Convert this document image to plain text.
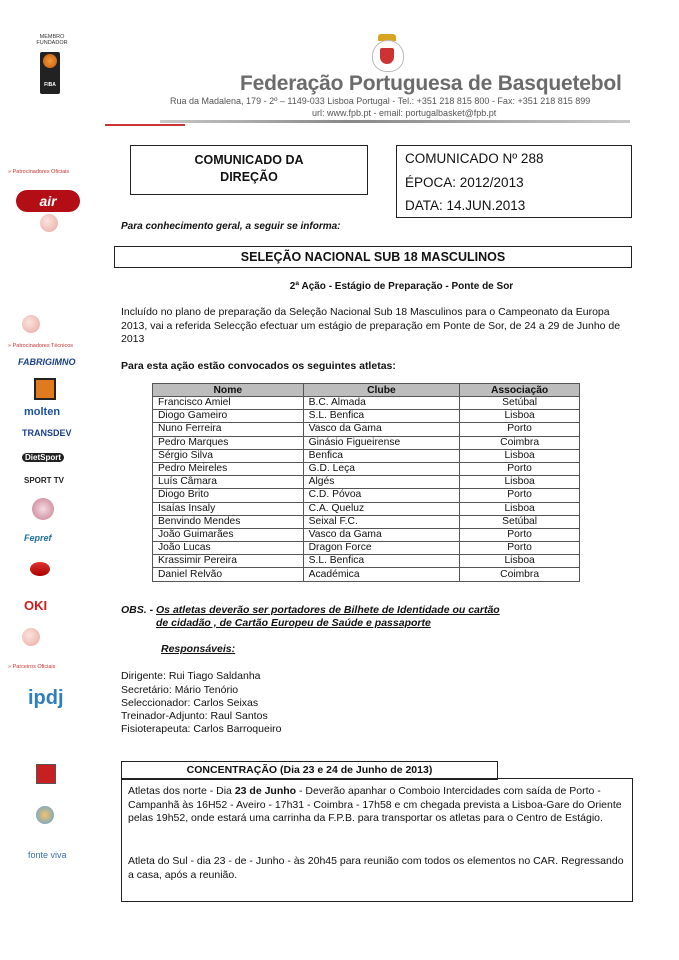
MEMBRO FUNDADOR
FIBA	Federação Portuguesa de Basquetebol
Rua da Madalena, 179 - 2º – 1149-033 Lisboa Portugal - Tel.: +351 218 815 800 - Fax: +351 218 815 899
url: www.fpb.pt - email: portugalbasket@fpb.pt
» Patrocinadores Oficiais
air
» Patrocinadores Técnicos
FABRIGIMNO
molten
TRANSDEV
DietSport
SPORT TV
Fepref
OKI
» Parceiros Oficiais
ipdj
fonte viva
COMUNICADO DA
DIREÇÃO
COMUNICADO Nº 288
ÉPOCA: 2012/2013
DATA: 14.JUN.2013
Para conhecimento geral, a seguir se informa:
SELEÇÃO NACIONAL SUB 18 MASCULINOS
2ª Ação - Estágio de Preparação - Ponte de Sor
Incluído no plano de preparação da Seleção Nacional Sub 18 Masculinos para o Campeonato da Europa 2013, vai a referida Selecção efectuar um estágio de preparação em Ponte de Sor, de 24 a 29 de Junho de 2013
Para esta ação estão convocados os seguintes atletas:
Nome	Clube	Associação
Francisco Amiel	B.C. Almada	Setúbal
Diogo Gameiro	S.L. Benfica	Lisboa
Nuno Ferreira	Vasco da Gama	Porto
Pedro Marques	Ginásio Figueirense	Coimbra
Sérgio Silva	Benfica	Lisboa
Pedro Meireles	G.D. Leça	Porto
Luís Câmara	Algés	Lisboa
Diogo Brito	C.D. Póvoa	Porto
Isaías Insaly	C.A. Queluz	Lisboa
Benvindo Mendes	Seixal F.C.	Setúbal
João Guimarães	Vasco da Gama	Porto
João Lucas	Dragon Force	Porto
Krassimir Pereira	S.L. Benfica	Lisboa
Daniel Relvão	Académica	Coimbra
OBS. - Os atletas deverão ser portadores de Bilhete de Identidade ou cartão
de cidadão , de Cartão Europeu de Saúde e passaporte
Responsáveis:
Dirigente: Rui Tiago Saldanha
Secretário: Mário Tenório
Seleccionador: Carlos Seixas
Treinador-Adjunto: Raul Santos
Fisioterapeuta: Carlos Barroqueiro
CONCENTRAÇÃO (Dia 23 e 24 de Junho de 2013)
Atletas dos norte - Dia 23 de Junho - Deverão apanhar o Comboio Intercidades com saída de Porto -Campanhã às 16H52 - Aveiro - 17h31 - Coimbra - 17h58 e cm chegada prevista a Lisboa-Gare do Oriente pelas 19h52, onde estará uma carrinha da F.P.B. para transportar os atletas para o Centro de Estágio.
Atleta do Sul - dia 23 - de - Junho - às 20h45 para reunião com todos os elementos no CAR. Regressando a casa, após a reunião.
